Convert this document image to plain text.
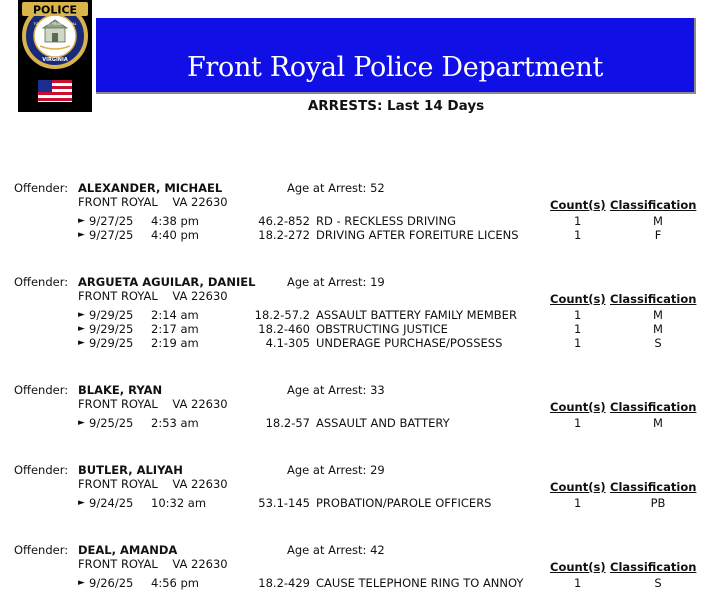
POLICE
TOWN OF FRONT ROYAL
VIRGINIA	Front Royal Police Department
ARRESTS: Last 14 Days
Offender: ALEXANDER, MICHAEL	Age at Arrest: 52
FRONT ROYAL    VA 22630	Count(s) Classification
► 9/27/25 4:38 pm	46.2-852 RD - RECKLESS DRIVING	1	M
► 9/27/25 4:40 pm	18.2-272 DRIVING AFTER FOREITURE LICENS	1	F
Offender: ARGUETA AGUILAR, DANIEL	Age at Arrest: 19
FRONT ROYAL    VA 22630	Count(s) Classification
► 9/29/25 2:14 am	18.2-57.2 ASSAULT BATTERY FAMILY MEMBER	1	M
► 9/29/25 2:17 am	18.2-460 OBSTRUCTING JUSTICE	1	M
► 9/29/25 2:19 am	4.1-305 UNDERAGE PURCHASE/POSSESS	1	S
Offender: BLAKE, RYAN	Age at Arrest: 33
FRONT ROYAL    VA 22630	Count(s) Classification
► 9/25/25 2:53 am	18.2-57 ASSAULT AND BATTERY	1	M
Offender: BUTLER, ALIYAH	Age at Arrest: 29
FRONT ROYAL    VA 22630	Count(s) Classification
► 9/24/25 10:32 am	53.1-145 PROBATION/PAROLE OFFICERS	1	PB
Offender: DEAL, AMANDA	Age at Arrest: 42
FRONT ROYAL    VA 22630	Count(s) Classification
► 9/26/25 4:56 pm	18.2-429 CAUSE TELEPHONE RING TO ANNOY	1	S
